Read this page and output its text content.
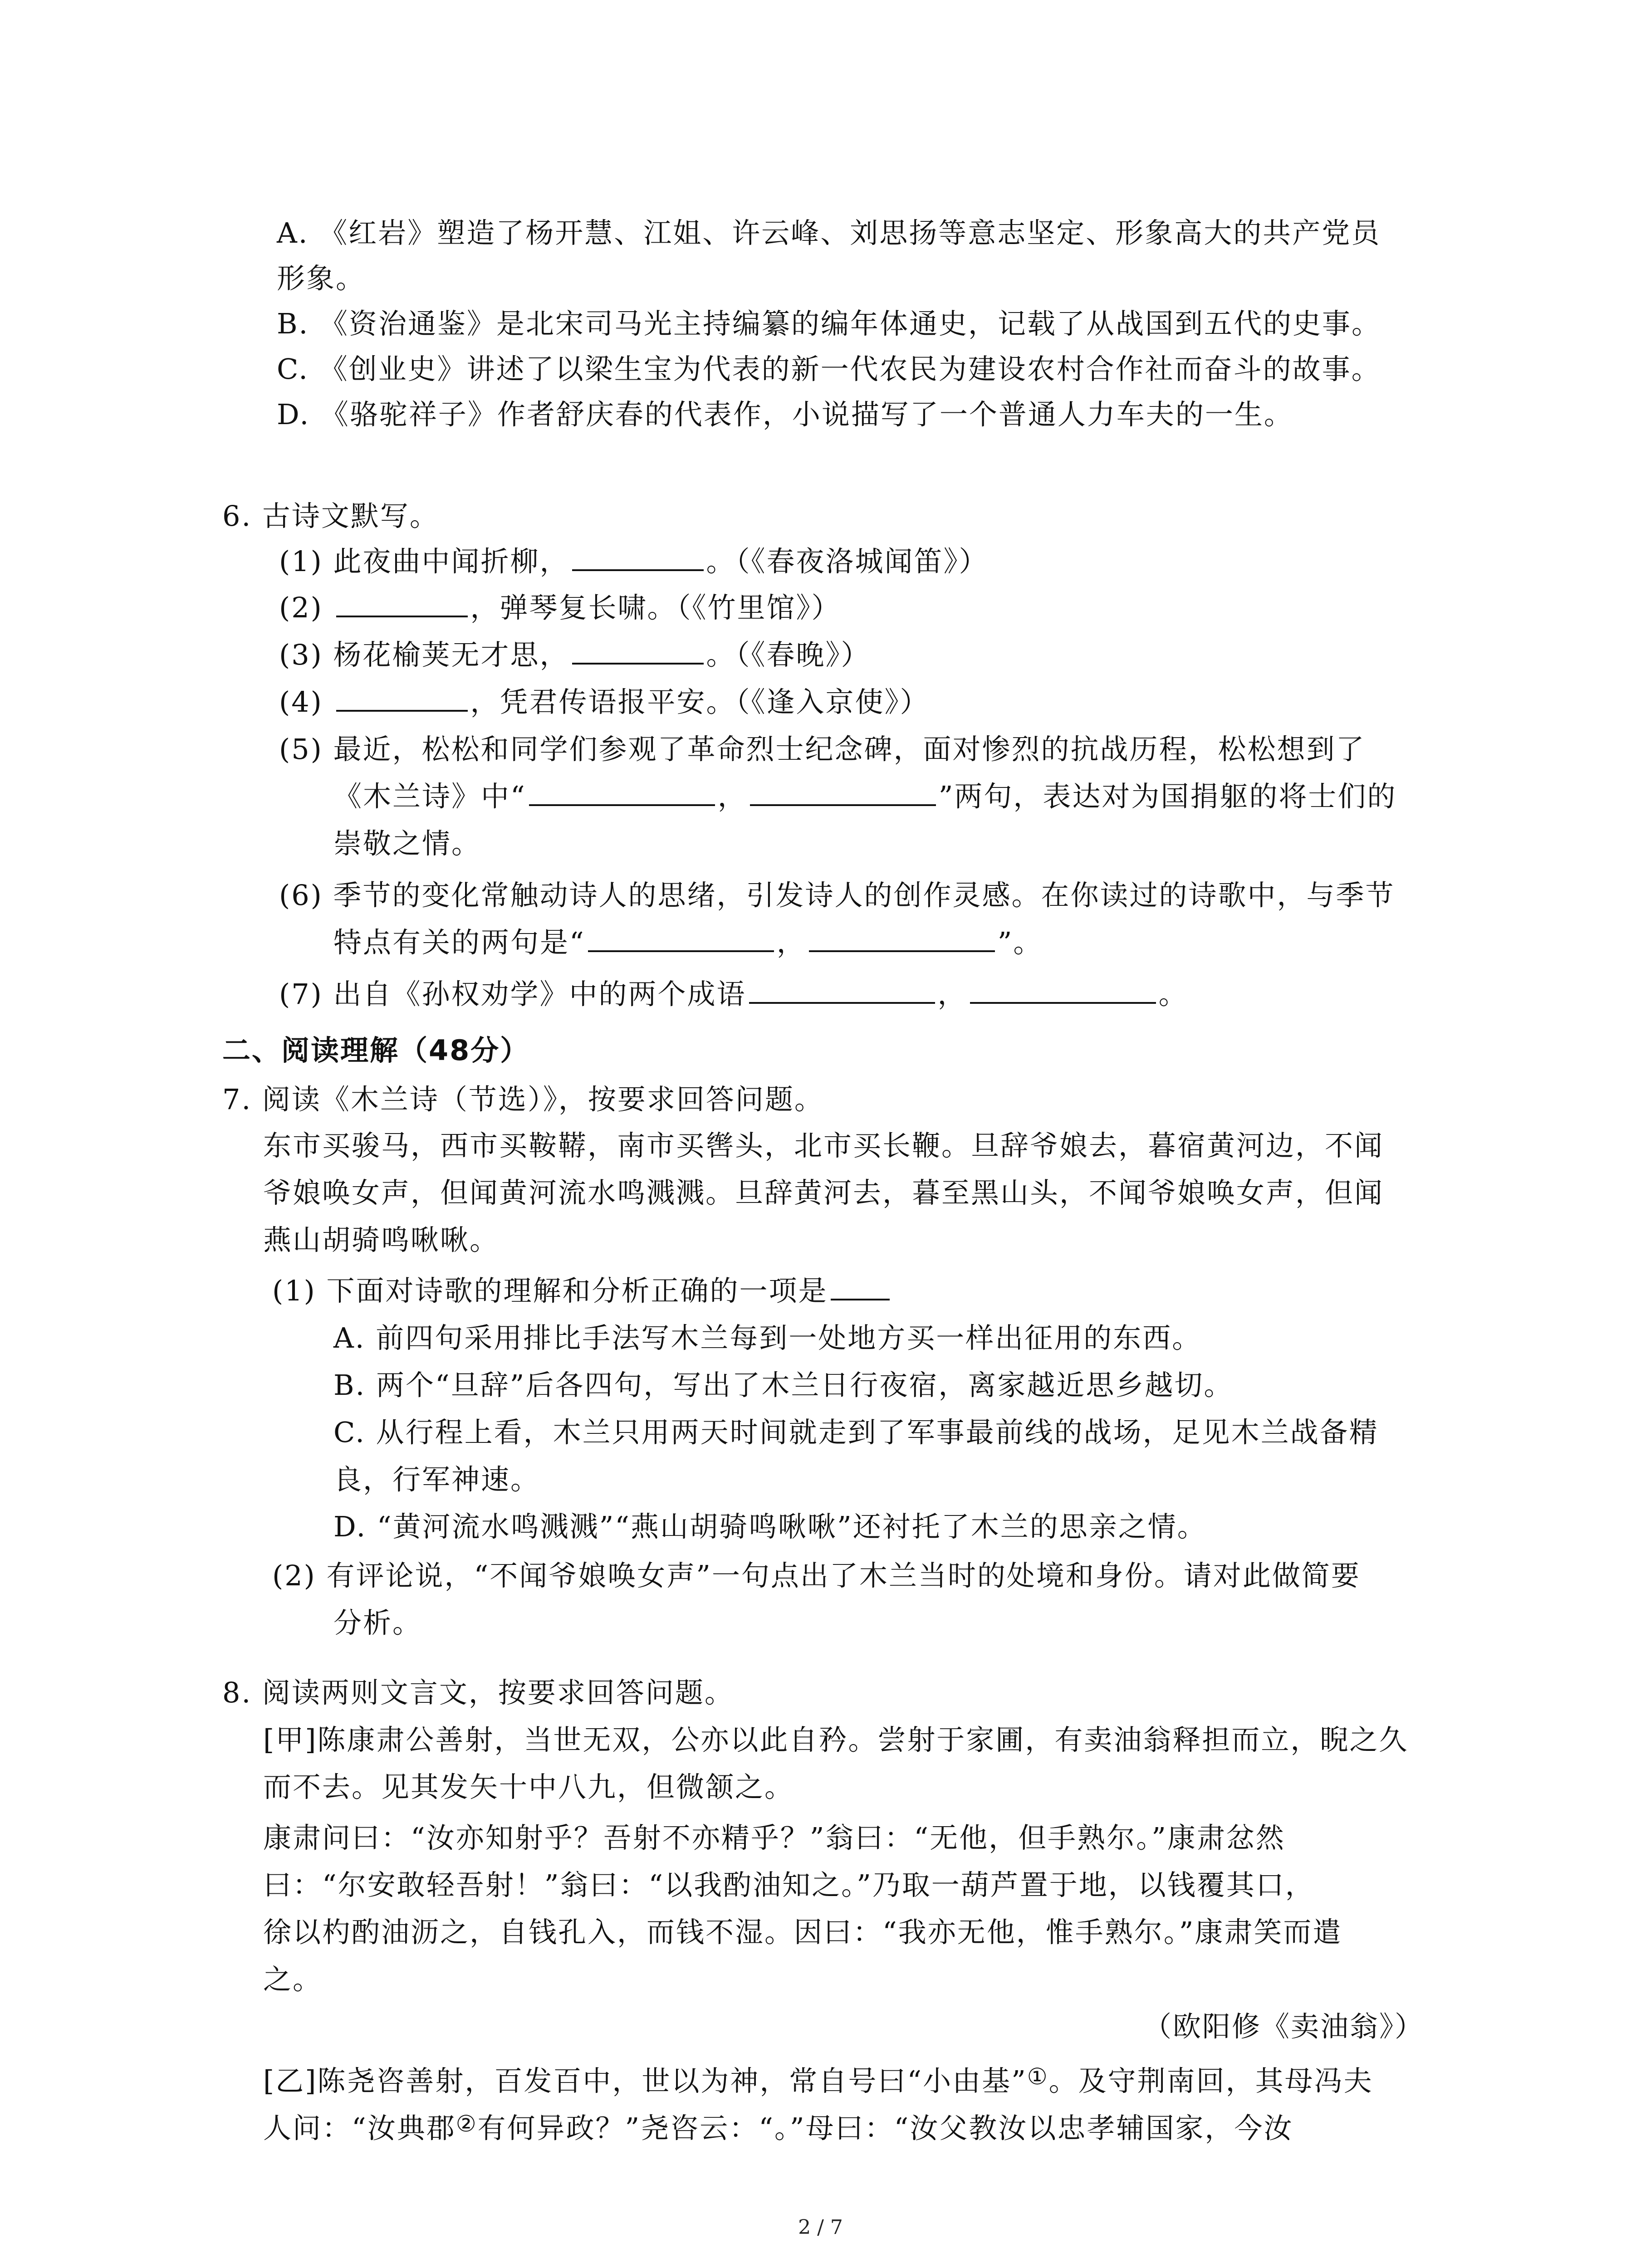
A. 《红岩》塑造了杨开慧、江姐、许云峰、刘思扬等意志坚定、形象高大的共产党员
形象。
B. 《资治通鉴》是北宋司马光主持编纂的编年体通史，记载了从战国到五代的史事。
C. 《创业史》讲述了以梁生宝为代表的新一代农民为建设农村合作社而奋斗的故事。
D. 《骆驼祥子》作者舒庆春的代表作，小说描写了一个普通人力车夫的一生。
6. 古诗文默写。
(1) 此夜曲中闻折柳，	。（《春夜洛城闻笛》）
(2)	，弹琴复长啸。（《竹里馆》）
(3) 杨花榆荚无才思，	。（《春晚》）
(4)	，凭君传语报平安。（《逢入京使》）
(5) 最近，松松和同学们参观了革命烈士纪念碑，面对惨烈的抗战历程，松松想到了
《木兰诗》中“	，	”两句，表达对为国捐躯的将士们的
崇敬之情。
(6) 季节的变化常触动诗人的思绪，引发诗人的创作灵感。在你读过的诗歌中，与季节
特点有关的两句是“	，	”。
(7) 出自《孙权劝学》中的两个成语	，	。
二、阅读理解（48分）
7. 阅读《木兰诗（节选）》，按要求回答问题。
东市买骏马，西市买鞍鞯，南市买辔头，北市买长鞭。旦辞爷娘去，暮宿黄河边，不闻
爷娘唤女声，但闻黄河流水鸣溅溅。旦辞黄河去，暮至黑山头，不闻爷娘唤女声，但闻
燕山胡骑鸣啾啾。
(1) 下面对诗歌的理解和分析正确的一项是
A. 前四句采用排比手法写木兰每到一处地方买一样出征用的东西。
B. 两个“旦辞”后各四句，写出了木兰日行夜宿，离家越近思乡越切。
C. 从行程上看，木兰只用两天时间就走到了军事最前线的战场，足见木兰战备精
良，行军神速。
D. “黄河流水鸣溅溅”“燕山胡骑鸣啾啾”还衬托了木兰的思亲之情。
(2) 有评论说，“不闻爷娘唤女声”一句点出了木兰当时的处境和身份。请对此做简要
分析。
8. 阅读两则文言文，按要求回答问题。
[甲]陈康肃公善射，当世无双，公亦以此自矜。尝射于家圃，有卖油翁释担而立，睨之久
而不去。见其发矢十中八九，但微颔之。
康肃问曰：“汝亦知射乎？吾射不亦精乎？”翁曰：“无他，但手熟尔。”康肃忿然
曰：“尔安敢轻吾射！”翁曰：“以我酌油知之。”乃取一葫芦置于地，以钱覆其口，
徐以杓酌油沥之，自钱孔入，而钱不湿。因曰：“我亦无他，惟手熟尔。”康肃笑而遣
之。
（欧阳修《卖油翁》）
[乙]陈尧咨善射，百发百中，世以为神，常自号曰“小由基”①。及守荆南回，其母冯夫
人问：“汝典郡②有何异政？”尧咨云：“。”母曰：“汝父教汝以忠孝辅国家，今汝
2 / 7
